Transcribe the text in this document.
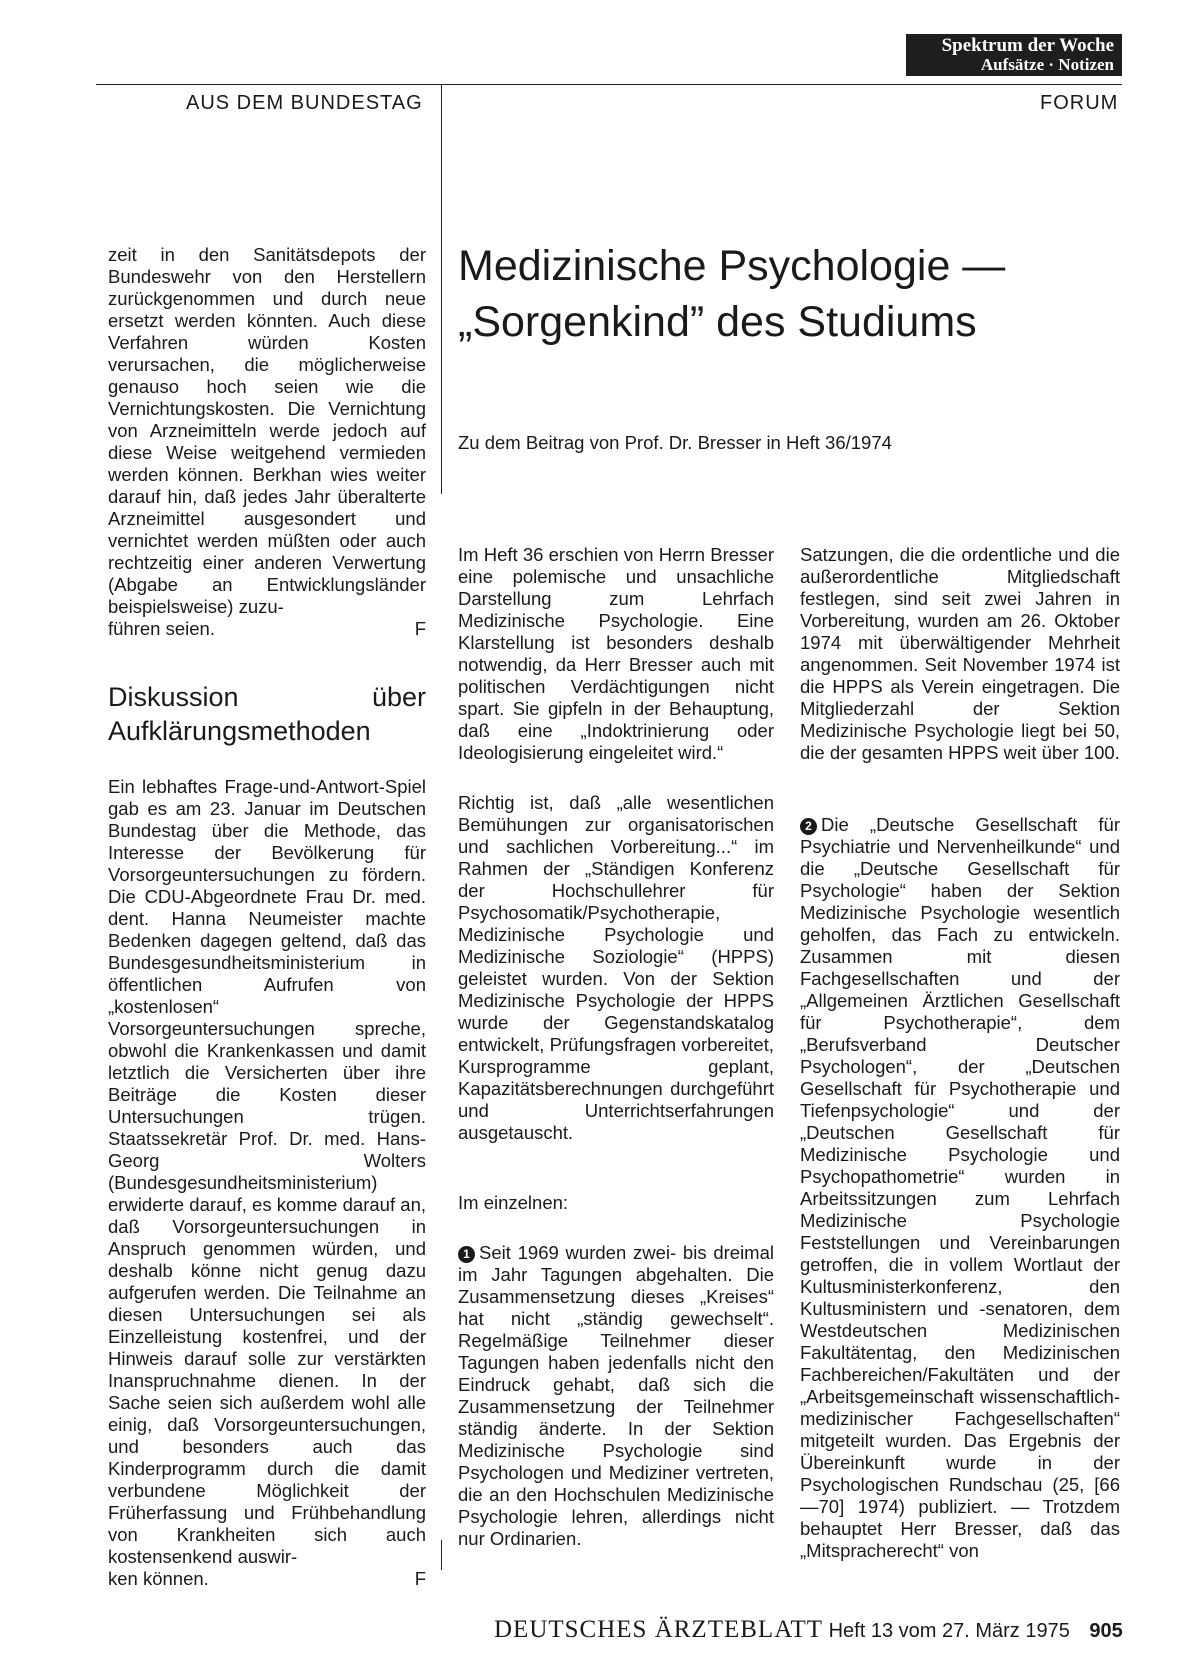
Spektrum der Woche
Aufsätze · Notizen
AUS DEM BUNDESTAG	FORUM

zeit in den Sanitätsdepots der Bundeswehr von den Herstellern zurückgenommen und durch neue ersetzt werden könnten. Auch diese Verfahren würden Kosten verursachen, die möglicherweise genauso hoch seien wie die Vernichtungskosten. Die Vernichtung von Arzneimitteln werde jedoch auf diese Weise weitgehend vermieden werden können. Berkhan wies weiter darauf hin, daß jedes Jahr überalterte Arzneimittel ausgesondert und vernichtet werden müßten oder auch rechtzeitig einer anderen Verwertung (Abgabe an Entwicklungsländer beispielsweise) zuzu-

führen seien.	F

Diskussion über Aufklärungsmethoden

Ein lebhaftes Frage-und-Antwort-Spiel gab es am 23. Januar im Deutschen Bundestag über die Methode, das Interesse der Bevölkerung für Vorsorgeuntersuchungen zu fördern. Die CDU-Abgeordnete Frau Dr. med. dent. Hanna Neumeister machte Bedenken dagegen geltend, daß das Bundesgesundheitsministerium in öffentlichen Aufrufen von „kostenlosen“ Vorsorgeuntersuchungen spreche, obwohl die Krankenkassen und damit letztlich die Versicherten über ihre Beiträge die Kosten dieser Untersuchungen trügen. Staatssekretär Prof. Dr. med. Hans-Georg Wolters (Bundesgesundheitsministerium) erwiderte darauf, es komme darauf an, daß Vorsorgeuntersuchungen in Anspruch genommen würden, und deshalb könne nicht genug dazu aufgerufen werden. Die Teilnahme an diesen Untersuchungen sei als Einzelleistung kostenfrei, und der Hinweis darauf solle zur verstärkten Inanspruchnahme dienen. In der Sache seien sich außerdem wohl alle einig, daß Vorsorgeuntersuchungen, und besonders auch das Kinderprogramm durch die damit verbundene Möglichkeit der Früherfassung und Frühbehandlung von Krankheiten sich auch kostensenkend auswir-

ken können.	F

Medizinische Psychologie —
„Sorgenkind” des Studiums
Zu dem Beitrag von Prof. Dr. Bresser in Heft 36/1974

Im Heft 36 erschien von Herrn Bresser eine polemische und unsachliche Darstellung zum Lehrfach Medizinische Psychologie. Eine Klarstellung ist besonders deshalb notwendig, da Herr Bresser auch mit politischen Verdächtigungen nicht spart. Sie gipfeln in der Behauptung, daß eine „Indoktrinierung oder Ideologisierung eingeleitet wird.“

Richtig ist, daß „alle wesentlichen Bemühungen zur organisatorischen und sachlichen Vorbereitung...“ im Rahmen der „Ständigen Konferenz der Hochschullehrer für Psychosomatik/Psychotherapie, Medizinische Psychologie und Medizinische Soziologie“ (HPPS) geleistet wurden. Von der Sektion Medizinische Psychologie der HPPS wurde der Gegenstandskatalog entwickelt, Prüfungsfragen vorbereitet, Kursprogramme geplant, Kapazitätsberechnungen durchgeführt und Unterrichtserfahrungen ausgetauscht.

Im einzelnen:

1 Seit 1969 wurden zwei- bis dreimal im Jahr Tagungen abgehalten. Die Zusammensetzung dieses „Kreises“ hat nicht „ständig gewechselt“. Regelmäßige Teilnehmer dieser Tagungen haben jedenfalls nicht den Eindruck gehabt, daß sich die Zusammensetzung der Teilnehmer ständig änderte. In der Sektion Medizinische Psychologie sind Psychologen und Mediziner vertreten, die an den Hochschulen Medizinische Psychologie lehren, allerdings nicht nur Ordinarien.

Satzungen, die die ordentliche und die außerordentliche Mitgliedschaft festlegen, sind seit zwei Jahren in Vorbereitung, wurden am 26. Oktober 1974 mit überwältigender Mehrheit angenommen. Seit November 1974 ist die HPPS als Verein eingetragen. Die Mitgliederzahl der Sektion Medizinische Psychologie liegt bei 50, die der gesamten HPPS weit über 100.

2 Die „Deutsche Gesellschaft für Psychiatrie und Nervenheilkunde“ und die „Deutsche Gesellschaft für Psychologie“ haben der Sektion Medizinische Psychologie wesentlich geholfen, das Fach zu entwickeln. Zusammen mit diesen Fachgesellschaften und der „Allgemeinen Ärztlichen Gesellschaft für Psychotherapie“, dem „Berufsverband Deutscher Psychologen“, der „Deutschen Gesellschaft für Psychotherapie und Tiefenpsychologie“ und der „Deutschen Gesellschaft für Medizinische Psychologie und Psychopathometrie“ wurden in Arbeitssitzungen zum Lehrfach Medizinische Psychologie Feststellungen und Vereinbarungen getroffen, die in vollem Wortlaut der Kultusministerkonferenz, den Kultusministern und -senatoren, dem Westdeutschen Medizinischen Fakultätentag, den Medizinischen Fachbereichen/Fakultäten und der „Arbeitsgemeinschaft wissenschaftlich-medizinischer Fachgesellschaften“ mitgeteilt wurden. Das Ergebnis der Übereinkunft wurde in der Psychologischen Rundschau (25, [66—70] 1974) publiziert. — Trotzdem behauptet Herr Bresser, daß das „Mitspracherecht“ von

DEUTSCHES ÄRZTEBLATT Heft 13 vom 27. März 1975 905
